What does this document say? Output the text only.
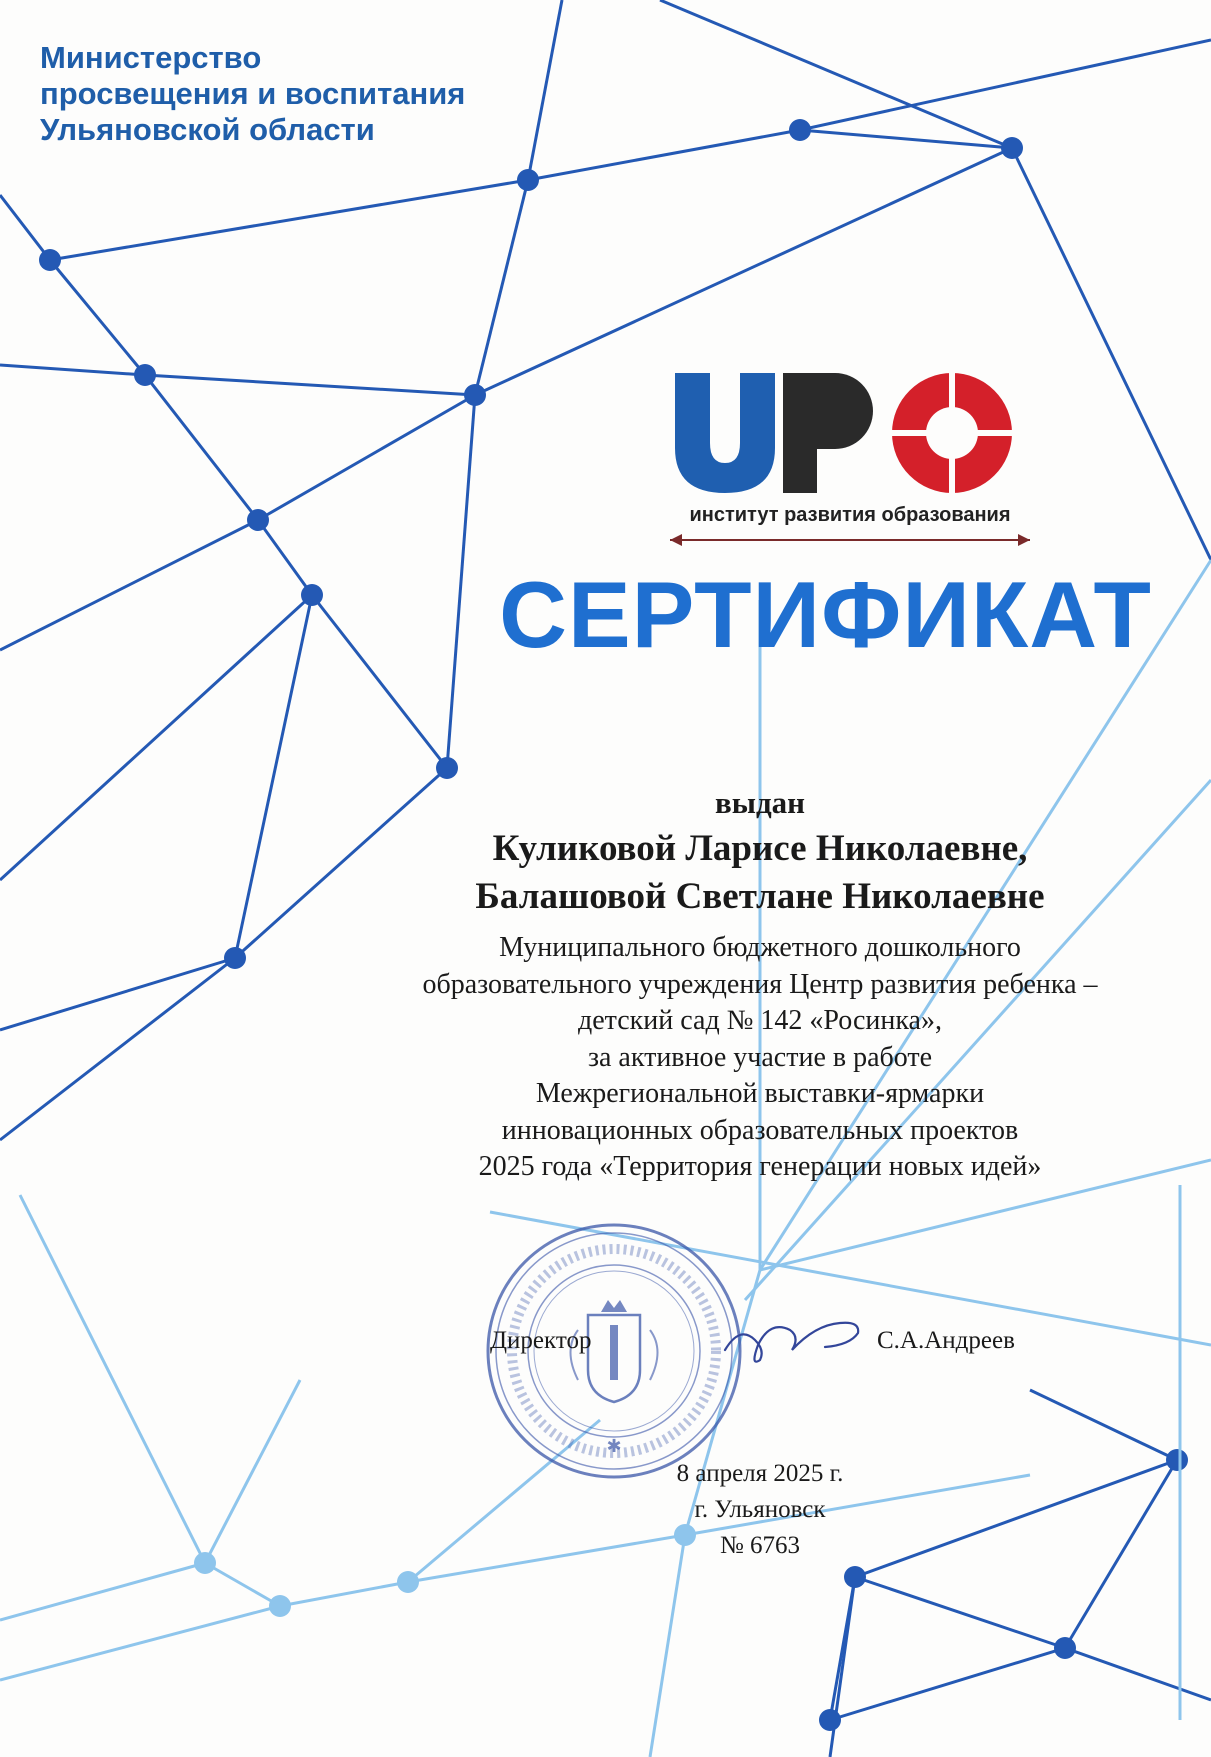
Министерство
просвещения и воспитания
Ульяновской области
институт развития образования
СЕРТИФИКАТ
выдан
Куликовой Ларисе Николаевне,
Балашовой Светлане Николаевне
Муниципального бюджетного дошкольного
образовательного учреждения Центр развития ребенка –
детский сад № 142 «Росинка»,
за активное участие в работе
Межрегиональной выставки-ярмарки
инновационных образовательных проектов
2025 года «Территория генерации новых идей»
✱
Директор	С.А.Андреев
8 апреля 2025 г.
г. Ульяновск
№ 6763
